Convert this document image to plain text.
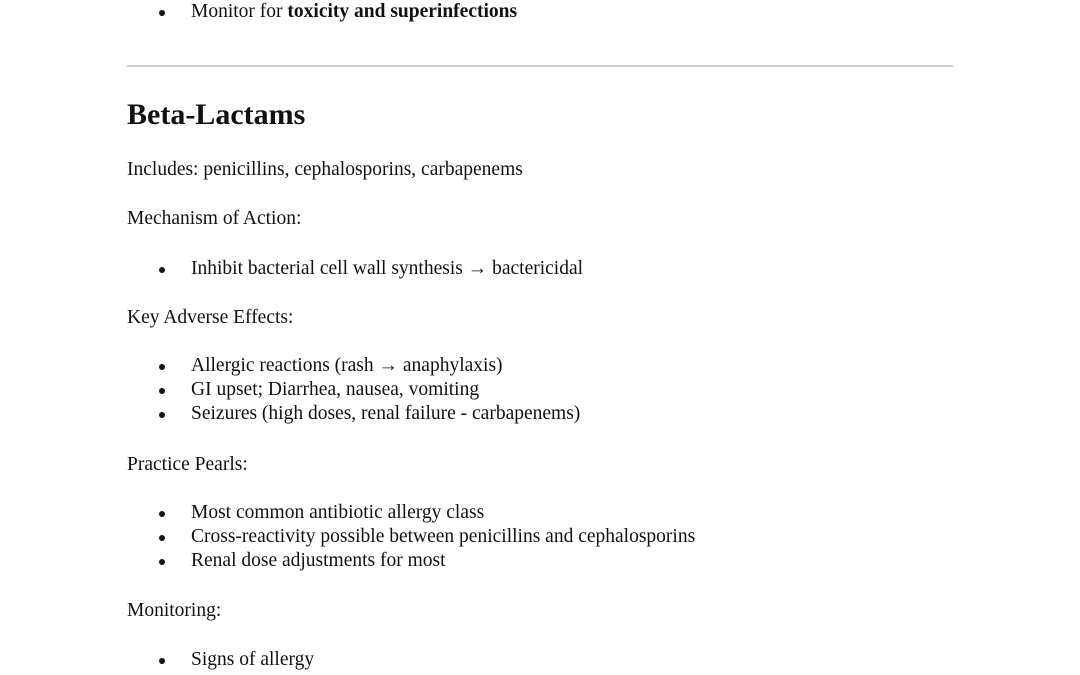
Monitor for toxicity and superinfections
Beta-Lactams

Includes: penicillins, cephalosporins, carbapenems

Mechanism of Action:

Inhibit bacterial cell wall synthesis → bactericidal

Key Adverse Effects:

Allergic reactions (rash → anaphylaxis)
GI upset; Diarrhea, nausea, vomiting
Seizures (high doses, renal failure - carbapenems)

Practice Pearls:

Most common antibiotic allergy class
Cross-reactivity possible between penicillins and cephalosporins
Renal dose adjustments for most

Monitoring:

Signs of allergy
